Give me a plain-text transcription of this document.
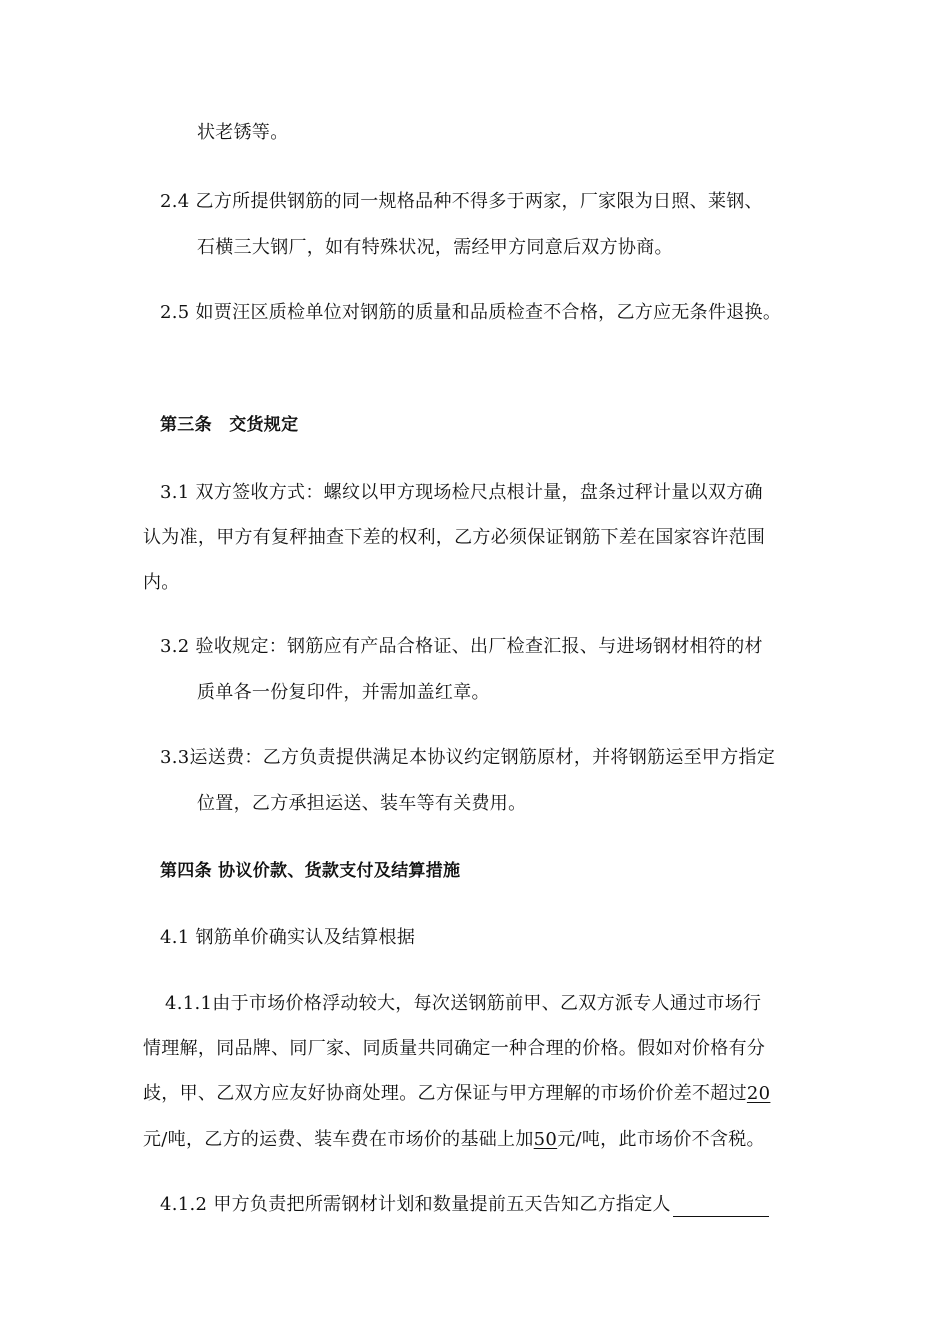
状老锈等。
2.4 乙方所提供钢筋的同一规格品种不得多于两家，厂家限为日照、莱钢、
石横三大钢厂，如有特殊状况，需经甲方同意后双方协商。
2.5 如贾汪区质检单位对钢筋的质量和品质检查不合格，乙方应无条件退换。
第三条　交货规定
3.1 双方签收方式：螺纹以甲方现场检尺点根计量，盘条过秤计量以双方确
认为准，甲方有复秤抽查下差的权利，乙方必须保证钢筋下差在国家容许范围
内。
3.2 验收规定：钢筋应有产品合格证、出厂检查汇报、与进场钢材相符的材
质单各一份复印件，并需加盖红章。
3.3运送费：乙方负责提供满足本协议约定钢筋原材，并将钢筋运至甲方指定
位置，乙方承担运送、装车等有关费用。
第四条 协议价款、货款支付及结算措施
4.1 钢筋单价确实认及结算根据
4.1.1由于市场价格浮动较大，每次送钢筋前甲、乙双方派专人通过市场行
情理解，同品牌、同厂家、同质量共同确定一种合理的价格。假如对价格有分
歧，甲、乙双方应友好协商处理。乙方保证与甲方理解的市场价价差不超过20
元/吨，乙方的运费、装车费在市场价的基础上加50元/吨，此市场价不含税。
4.1.2 甲方负责把所需钢材计划和数量提前五天告知乙方指定人
